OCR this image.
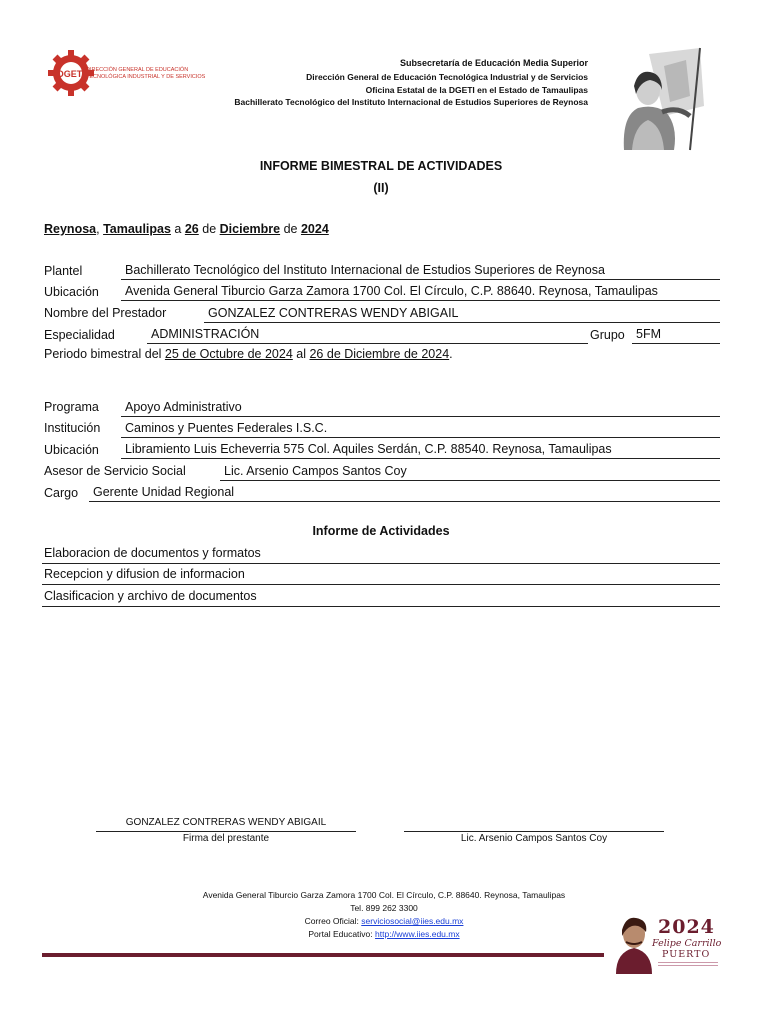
DGETI DIRECCIÓN GENERAL DE EDUCACIÓN
TECNOLÓGICA INDUSTRIAL Y DE SERVICIOS
Subsecretaría de Educación Media Superior
Dirección General de Educación Tecnológica Industrial y de Servicios
Oficina Estatal de la DGETI en el Estado de Tamaulipas
Bachillerato Tecnológico del Instituto Internacional de Estudios Superiores de Reynosa
INFORME BIMESTRAL DE ACTIVIDADES
(II)
Reynosa, Tamaulipas a 26 de Diciembre de 2024
Plantel	Bachillerato Tecnológico del Instituto Internacional de Estudios Superiores de Reynosa
Ubicación	Avenida General Tiburcio Garza Zamora 1700 Col. El Círculo, C.P. 88640. Reynosa, Tamaulipas
Nombre del Prestador	GONZALEZ CONTRERAS WENDY ABIGAIL
Especialidad	ADMINISTRACIÓN	Grupo 5FM
Periodo bimestral del 25 de Octubre de 2024 al 26 de Diciembre de 2024.
Programa	Apoyo Administrativo
Institución	Caminos y Puentes Federales I.S.C.
Ubicación	Libramiento Luis Echeverria 575 Col. Aquiles Serdán, C.P. 88540. Reynosa, Tamaulipas
Asesor de Servicio Social	Lic. Arsenio Campos Santos Coy
Cargo	Gerente Unidad Regional
Informe de Actividades
Elaboracion de documentos y formatos
Recepcion y difusion de informacion
Clasificacion y archivo de documentos
GONZALEZ CONTRERAS WENDY ABIGAIL
Firma del prestante	Lic. Arsenio Campos Santos Coy
Avenida General Tiburcio Garza Zamora 1700 Col. El Círculo, C.P. 88640. Reynosa, Tamaulipas
Tel. 899 262 3300
Correo Oficial: serviciosocial@iies.edu.mx
Portal Educativo: http://www.iies.edu.mx	2024
Felipe Carrillo
PUERTO
